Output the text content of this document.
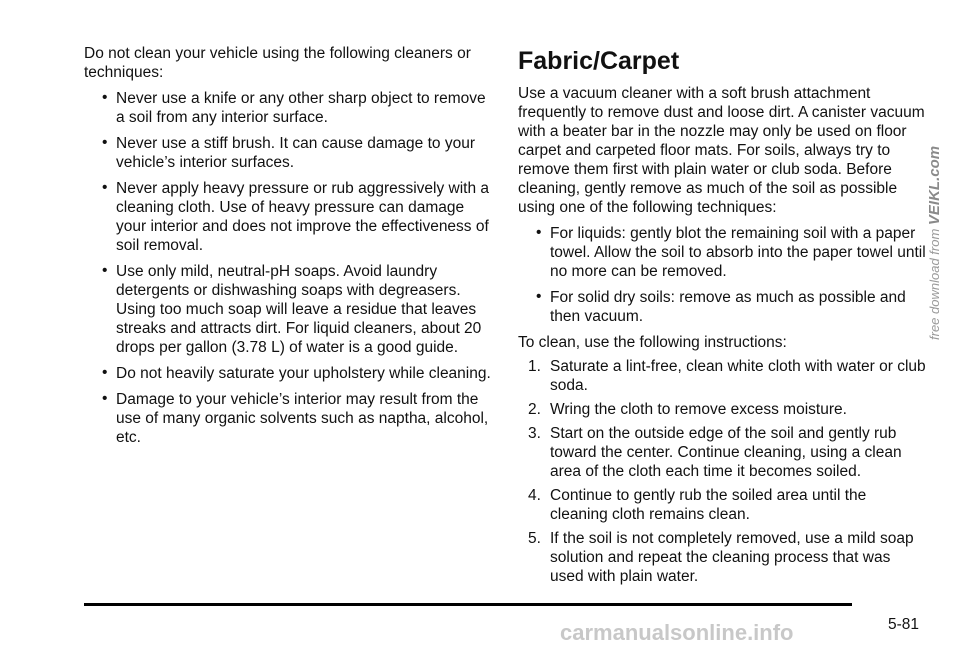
Do not clean your vehicle using the following cleaners or techniques:

• Never use a knife or any other sharp object to remove a soil from any interior surface.
• Never use a stiff brush. It can cause damage to your vehicle’s interior surfaces.
• Never apply heavy pressure or rub aggressively with a cleaning cloth. Use of heavy pressure can damage your interior and does not improve the effectiveness of soil removal.
• Use only mild, neutral-pH soaps. Avoid laundry detergents or dishwashing soaps with degreasers. Using too much soap will leave a residue that leaves streaks and attracts dirt. For liquid cleaners, about 20 drops per gallon (3.78 L) of water is a good guide.
• Do not heavily saturate your upholstery while cleaning.
• Damage to your vehicle’s interior may result from the use of many organic solvents such as naptha, alcohol, etc.
Fabric/Carpet

Use a vacuum cleaner with a soft brush attachment frequently to remove dust and loose dirt. A canister vacuum with a beater bar in the nozzle may only be used on floor carpet and carpeted floor mats. For soils, always try to remove them first with plain water or club soda. Before cleaning, gently remove as much of the soil as possible using one of the following techniques:

• For liquids: gently blot the remaining soil with a paper towel. Allow the soil to absorb into the paper towel until no more can be removed.
• For solid dry soils: remove as much as possible and then vacuum.

To clean, use the following instructions:

1. Saturate a lint-free, clean white cloth with water or club soda.
2. Wring the cloth to remove excess moisture.
3. Start on the outside edge of the soil and gently rub toward the center. Continue cleaning, using a clean area of the cloth each time it becomes soiled.
4. Continue to gently rub the soiled area until the cleaning cloth remains clean.
5. If the soil is not completely removed, use a mild soap solution and repeat the cleaning process that was used with plain water.
carmanualsonline.info	5-81
free download from VEIKL.com
